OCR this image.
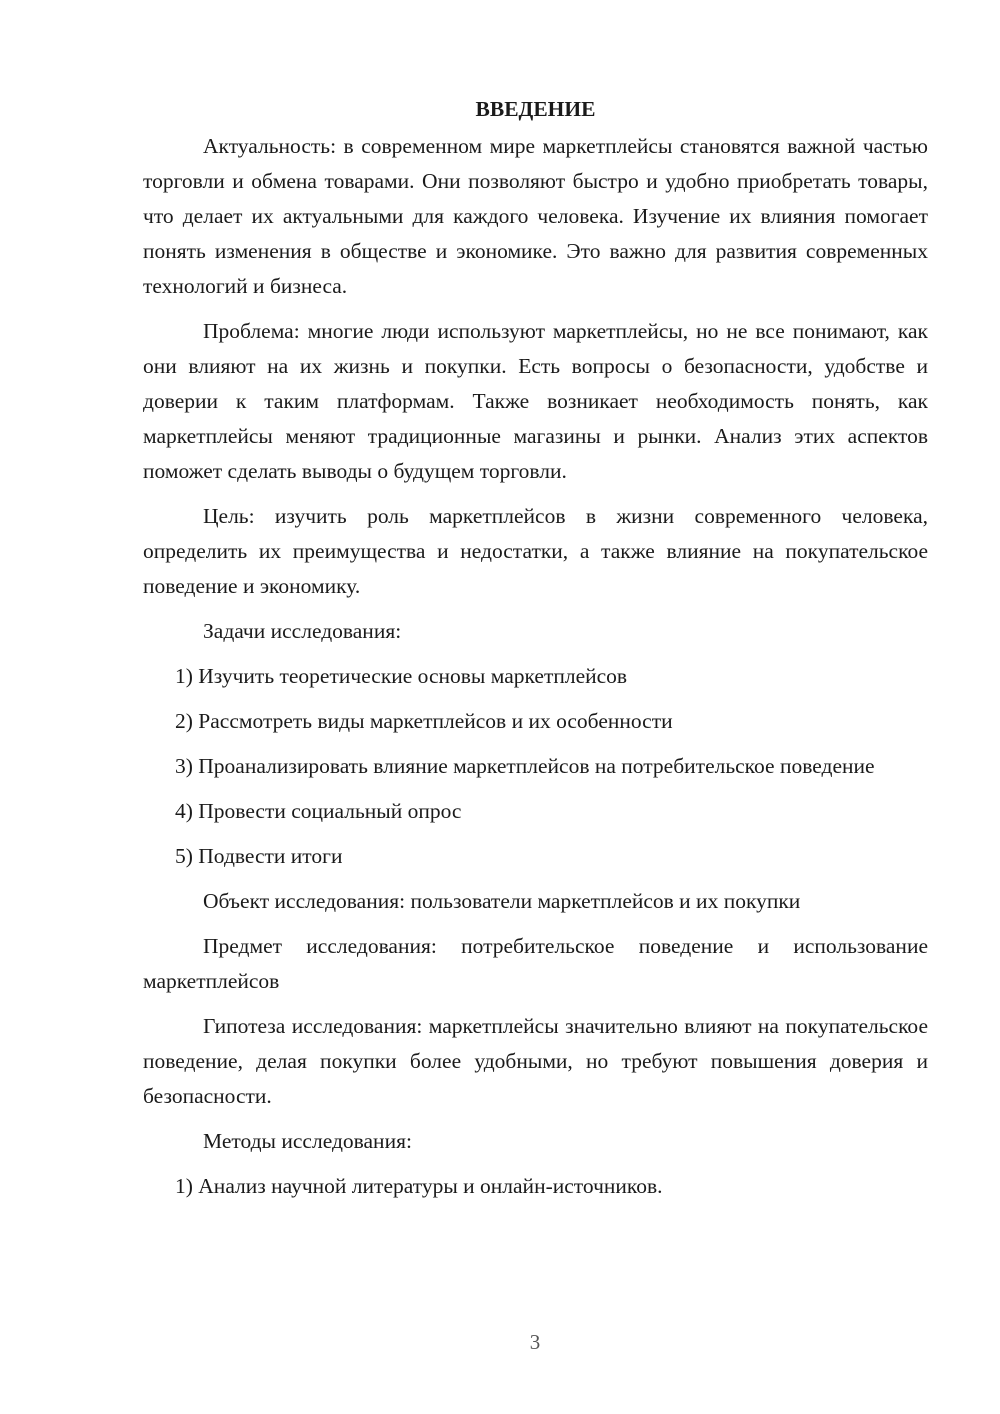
ВВЕДЕНИЕ

Актуальность: в современном мире маркетплейсы становятся важной частью торговли и обмена товарами. Они позволяют быстро и удобно приобретать товары, что делает их актуальными для каждого человека. Изучение их влияния помогает понять изменения в обществе и экономике. Это важно для развития современных технологий и бизнеса.

Проблема: многие люди используют маркетплейсы, но не все понимают, как они влияют на их жизнь и покупки. Есть вопросы о безопасности, удобстве и доверии к таким платформам. Также возникает необходимость понять, как маркетплейсы меняют традиционные магазины и рынки. Анализ этих аспектов поможет сделать выводы о будущем торговли.

Цель: изучить роль маркетплейсов в жизни современного человека, определить их преимущества и недостатки, а также влияние на покупательское поведение и экономику.

Задачи исследования:

1) Изучить теоретические основы маркетплейсов

2) Рассмотреть виды маркетплейсов и их особенности

3) Проанализировать влияние маркетплейсов на потребительское поведение

4) Провести социальный опрос

5) Подвести итоги

Объект исследования: пользователи маркетплейсов и их покупки

Предмет исследования: потребительское поведение и использование маркетплейсов

Гипотеза исследования: маркетплейсы значительно влияют на покупательское поведение, делая покупки более удобными, но требуют повышения доверия и безопасности.

Методы исследования:

1) Анализ научной литературы и онлайн-источников.

3
